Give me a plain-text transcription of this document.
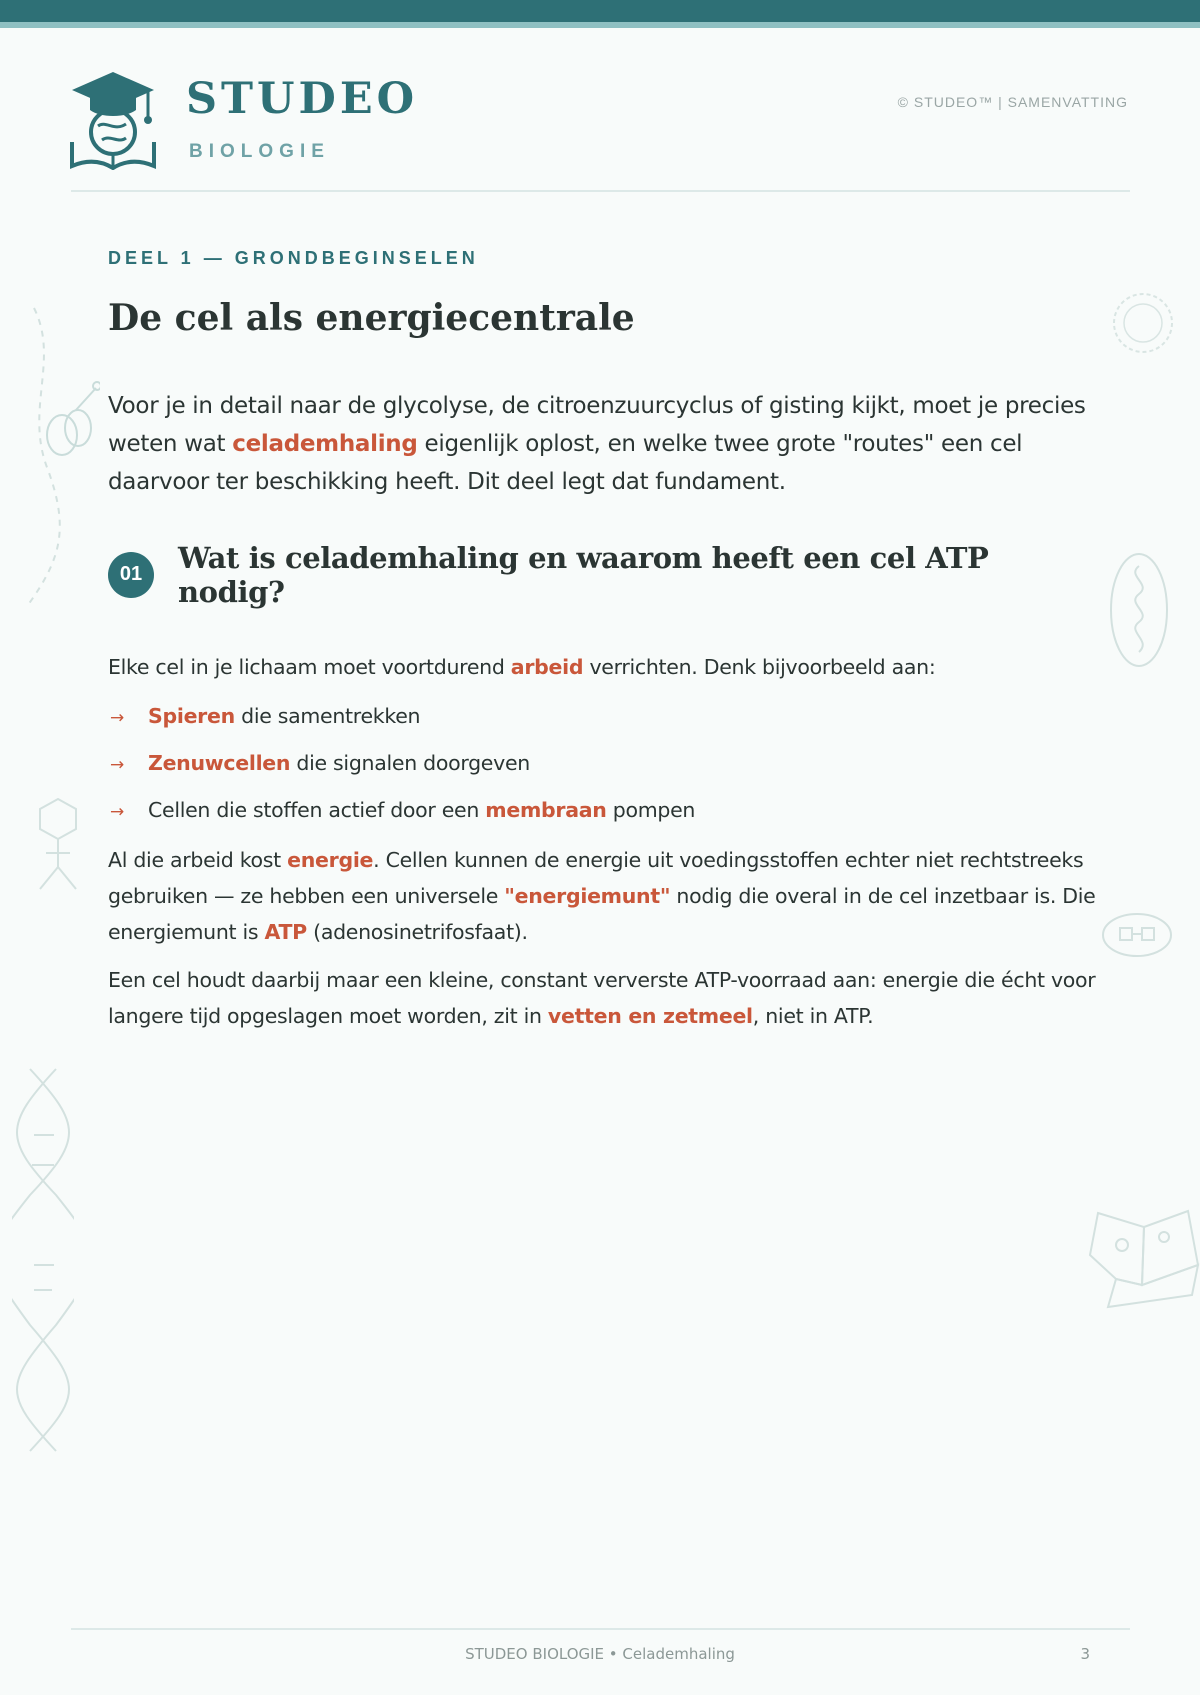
STUDEO
BIOLOGIE
© STUDEO™ | SAMENVATTING

DEEL 1 — GRONDBEGINSELEN

De cel als energiecentrale

Voor je in detail naar de glycolyse, de citroenzuurcyclus of gisting kijkt, moet je precies weten wat celademhaling eigenlijk oplost, en welke twee grote "routes" een cel daarvoor ter beschikking heeft. Dit deel legt dat fundament.

01	Wat is celademhaling en waarom heeft een cel ATP nodig?

Elke cel in je lichaam moet voortdurend arbeid verrichten. Denk bijvoorbeeld aan:

→ Spieren die samentrekken
→ Zenuwcellen die signalen doorgeven
→ Cellen die stoffen actief door een membraan pompen

Al die arbeid kost energie. Cellen kunnen de energie uit voedingsstoffen echter niet rechtstreeks gebruiken — ze hebben een universele "energiemunt" nodig die overal in de cel inzetbaar is. Die energiemunt is ATP (adenosinetrifosfaat).

Een cel houdt daarbij maar een kleine, constant ververste ATP-voorraad aan: energie die écht voor langere tijd opgeslagen moet worden, zit in vetten en zetmeel, niet in ATP.

STUDEO BIOLOGIE • Celademhaling	3
